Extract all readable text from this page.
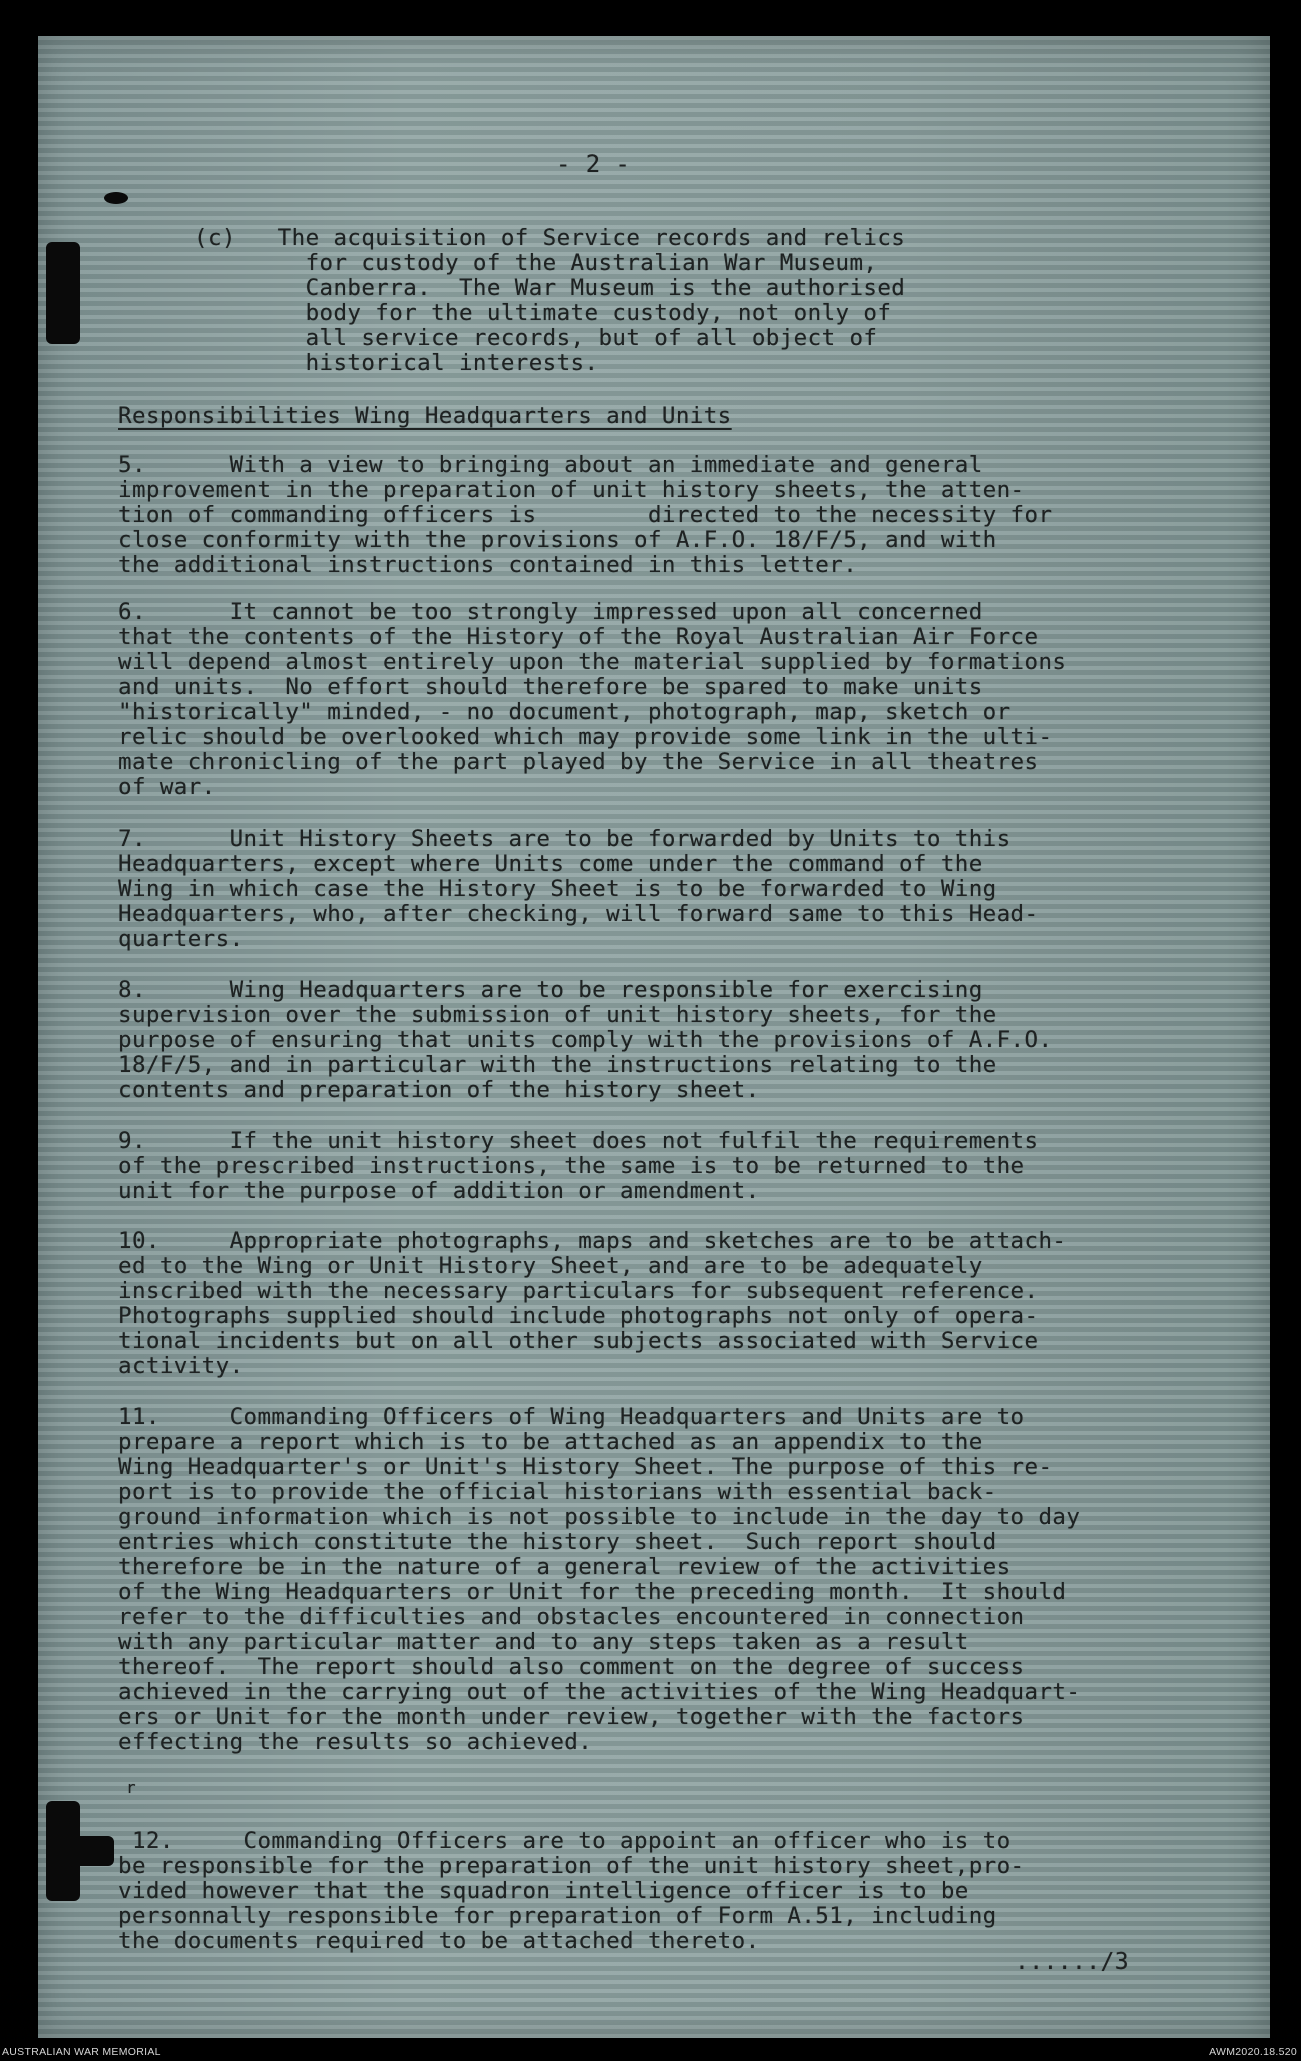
- 2 -
(c)   The acquisition of Service records and relics
for custody of the Australian War Museum,
Canberra.  The War Museum is the authorised
body for the ultimate custody, not only of
all service records, but of all object of
historical interests.
Responsibilities Wing Headquarters and Units
5.      With a view to bringing about an immediate and general
improvement in the preparation of unit history sheets, the atten-
tion of commanding officers is        directed to the necessity for
close conformity with the provisions of A.F.O. 18/F/5, and with
the additional instructions contained in this letter.
6.      It cannot be too strongly impressed upon all concerned
that the contents of the History of the Royal Australian Air Force
will depend almost entirely upon the material supplied by formations
and units.  No effort should therefore be spared to make units
"historically" minded, - no document, photograph, map, sketch or
relic should be overlooked which may provide some link in the ulti-
mate chronicling of the part played by the Service in all theatres
of war.
7.      Unit History Sheets are to be forwarded by Units to this
Headquarters, except where Units come under the command of the
Wing in which case the History Sheet is to be forwarded to Wing
Headquarters, who, after checking, will forward same to this Head-
quarters.
8.      Wing Headquarters are to be responsible for exercising
supervision over the submission of unit history sheets, for the
purpose of ensuring that units comply with the provisions of A.F.O.
18/F/5, and in particular with the instructions relating to the
contents and preparation of the history sheet.
9.      If the unit history sheet does not fulfil the requirements
of the prescribed instructions, the same is to be returned to the
unit for the purpose of addition or amendment.
10.     Appropriate photographs, maps and sketches are to be attach-
ed to the Wing or Unit History Sheet, and are to be adequately
inscribed with the necessary particulars for subsequent reference.
Photographs supplied should include photographs not only of opera-
tional incidents but on all other subjects associated with Service
activity.
11.     Commanding Officers of Wing Headquarters and Units are to
prepare a report which is to be attached as an appendix to the
Wing Headquarter's or Unit's History Sheet. The purpose of this re-
port is to provide the official historians with essential back-
ground information which is not possible to include in the day to day
entries which constitute the history sheet.  Such report should
therefore be in the nature of a general review of the activities
of the Wing Headquarters or Unit for the preceding month.  It should
refer to the difficulties and obstacles encountered in connection
with any particular matter and to any steps taken as a result
thereof.  The report should also comment on the degree of success
achieved in the carrying out of the activities of the Wing Headquart-
ers or Unit for the month under review, together with the factors
effecting the results so achieved.
r
12.     Commanding Officers are to appoint an officer who is to
be responsible for the preparation of the unit history sheet,pro-
vided however that the squadron intelligence officer is to be
personnally responsible for preparation of Form A.51, including
the documents required to be attached thereto.
....../3
AUSTRALIAN WAR MEMORIAL	AWM2020.18.520
